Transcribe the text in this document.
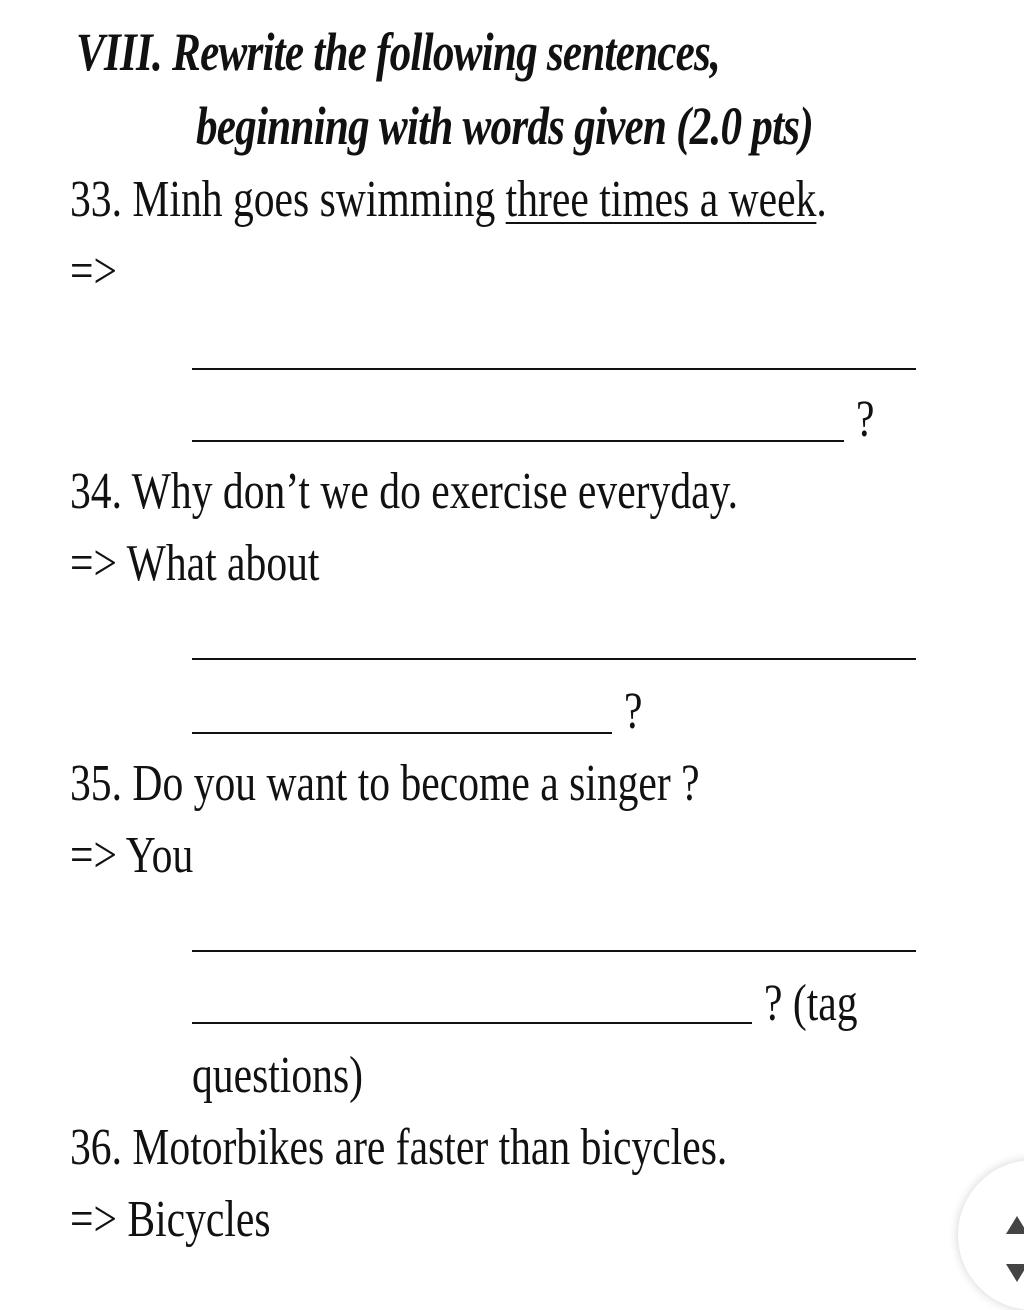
VIII. Rewrite the following sentences,
beginning with words given (2.0 pts)
33. Minh goes swimming three times a week.
=>
?
34. Why don’t we do exercise everyday.
=> What about
?
35. Do you want to become a singer ?
=> You
? (tag
questions)
36. Motorbikes are faster than bicycles.
=> Bicycles
